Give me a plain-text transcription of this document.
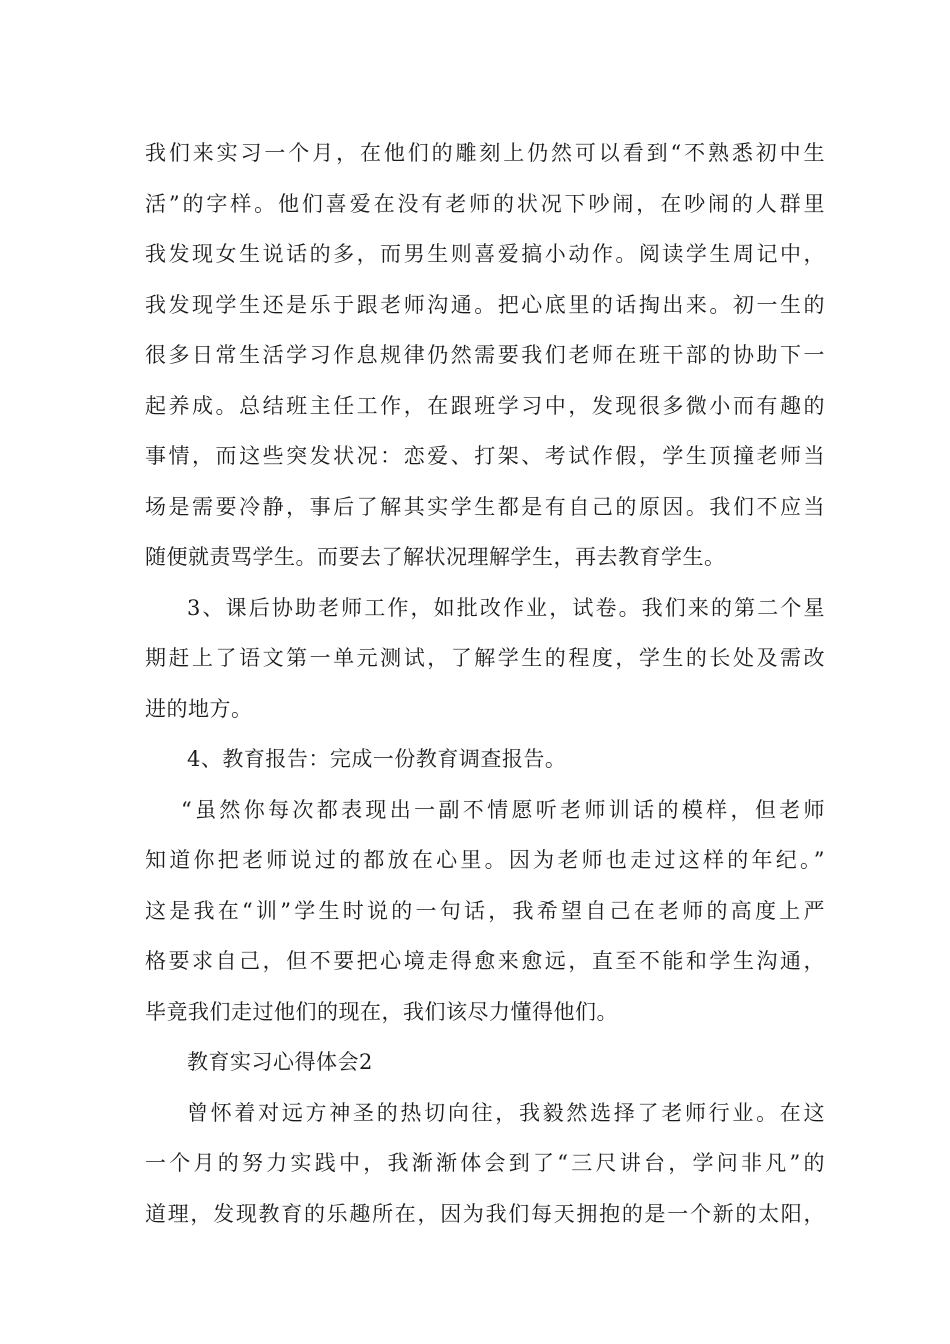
我们来实习一个月，在他们的雕刻上仍然可以看到“不熟悉初中生
活”的字样。他们喜爱在没有老师的状况下吵闹，在吵闹的人群里
我发现女生说话的多，而男生则喜爱搞小动作。阅读学生周记中，
我发现学生还是乐于跟老师沟通。把心底里的话掏出来。初一生的
很多日常生活学习作息规律仍然需要我们老师在班干部的协助下一
起养成。总结班主任工作，在跟班学习中，发现很多微小而有趣的
事情，而这些突发状况：恋爱、打架、考试作假，学生顶撞老师当
场是需要冷静，事后了解其实学生都是有自己的原因。我们不应当
随便就责骂学生。而要去了解状况理解学生，再去教育学生。
3、课后协助老师工作，如批改作业，试卷。我们来的第二个星
期赶上了语文第一单元测试，了解学生的程度，学生的长处及需改
进的地方。
4、教育报告：完成一份教育调查报告。
“虽然你每次都表现出一副不情愿听老师训话的模样，但老师
知道你把老师说过的都放在心里。因为老师也走过这样的年纪。”
这是我在“训”学生时说的一句话，我希望自己在老师的高度上严
格要求自己，但不要把心境走得愈来愈远，直至不能和学生沟通，
毕竟我们走过他们的现在，我们该尽力懂得他们。
教育实习心得体会2
曾怀着对远方神圣的热切向往，我毅然选择了老师行业。在这
一个月的努力实践中，我渐渐体会到了“三尺讲台，学问非凡”的
道理，发现教育的乐趣所在，因为我们每天拥抱的是一个新的太阳，
